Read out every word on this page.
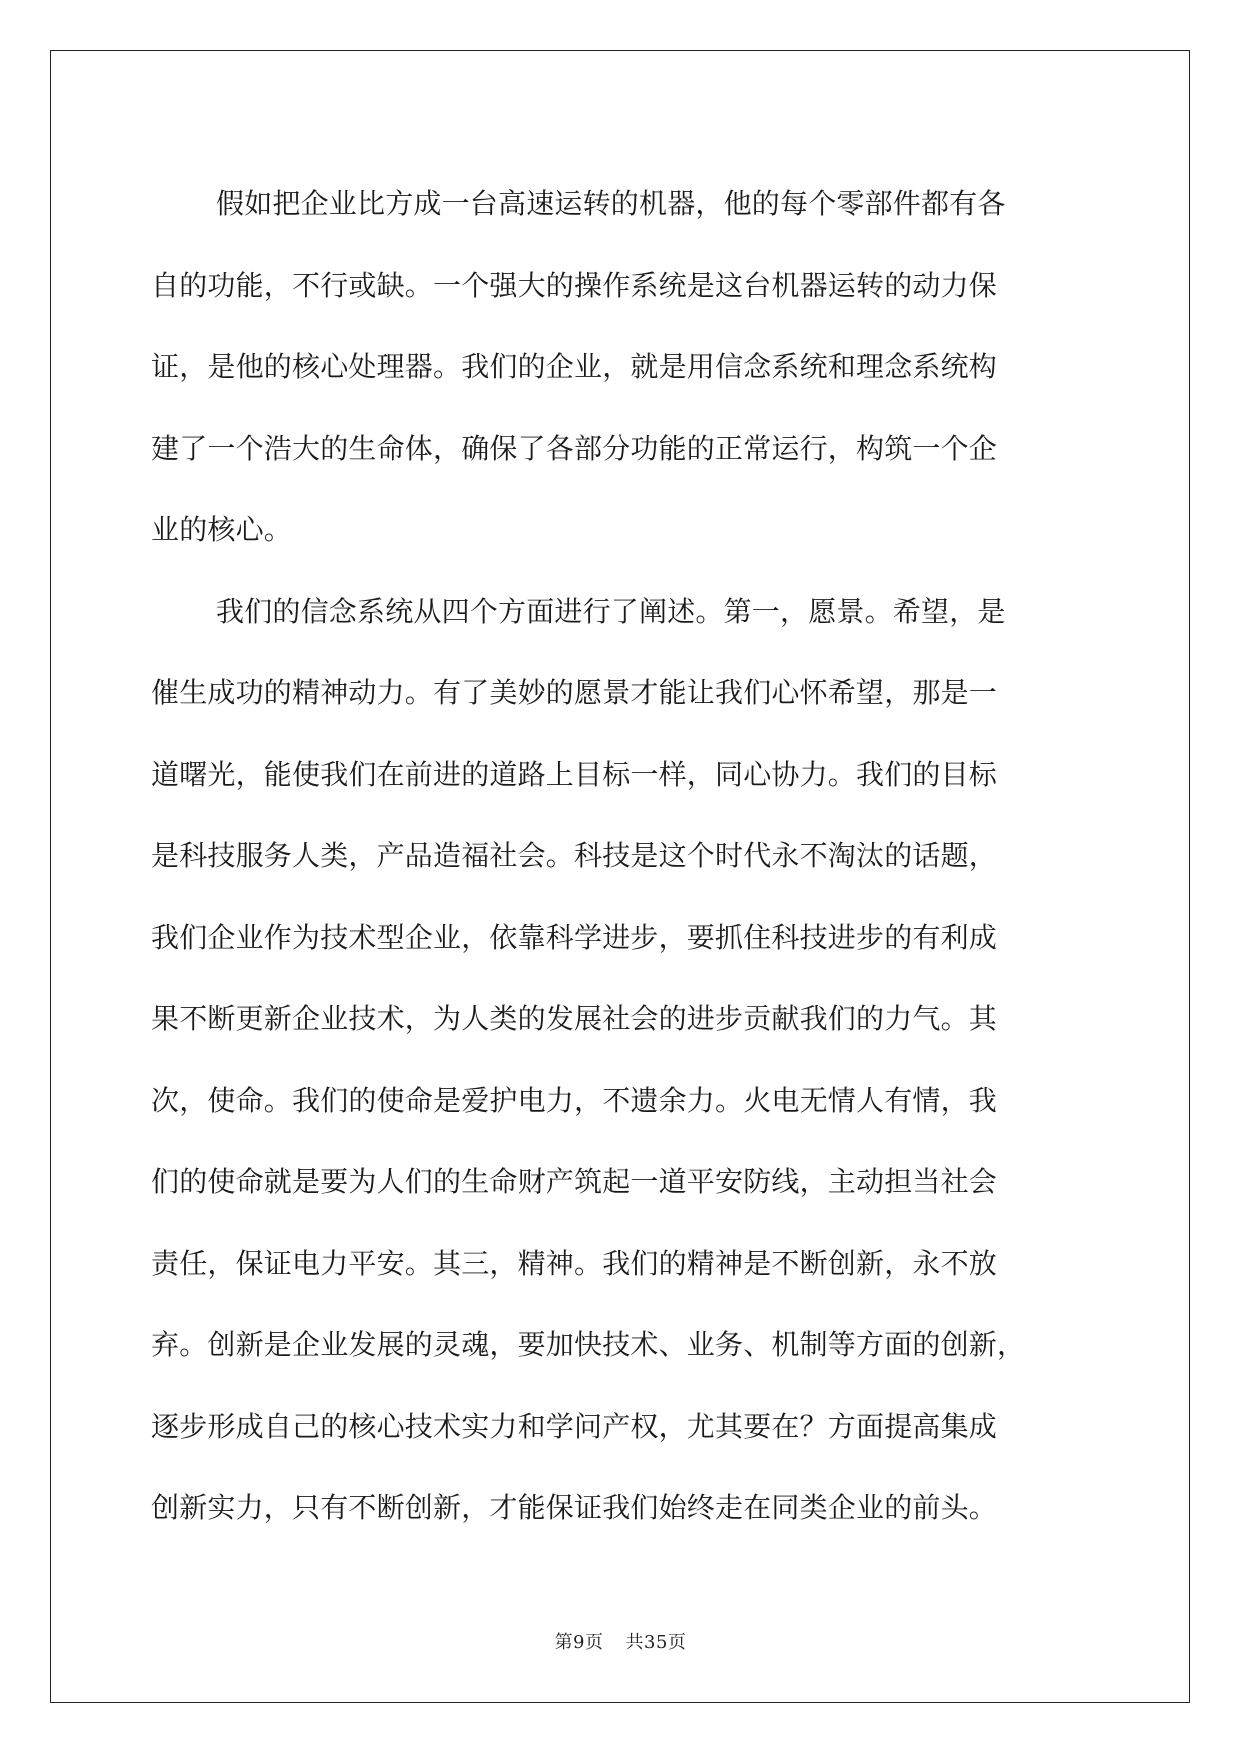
假如把企业比方成一台高速运转的机器，他的每个零部件都有各
自的功能，不行或缺。一个强大的操作系统是这台机器运转的动力保
证，是他的核心处理器。我们的企业，就是用信念系统和理念系统构
建了一个浩大的生命体，确保了各部分功能的正常运行，构筑一个企
业的核心。
我们的信念系统从四个方面进行了阐述。第一，愿景。希望，是
催生成功的精神动力。有了美妙的愿景才能让我们心怀希望，那是一
道曙光，能使我们在前进的道路上目标一样，同心协力。我们的目标
是科技服务人类，产品造福社会。科技是这个时代永不淘汰的话题，
我们企业作为技术型企业，依靠科学进步，要抓住科技进步的有利成
果不断更新企业技术，为人类的发展社会的进步贡献我们的力气。其
次，使命。我们的使命是爱护电力，不遗余力。火电无情人有情，我
们的使命就是要为人们的生命财产筑起一道平安防线，主动担当社会
责任，保证电力平安。其三，精神。我们的精神是不断创新，永不放
弃。创新是企业发展的灵魂，要加快技术、业务、机制等方面的创新，
逐步形成自己的核心技术实力和学问产权，尤其要在？方面提高集成
创新实力，只有不断创新，才能保证我们始终走在同类企业的前头。
第9页 共35页
